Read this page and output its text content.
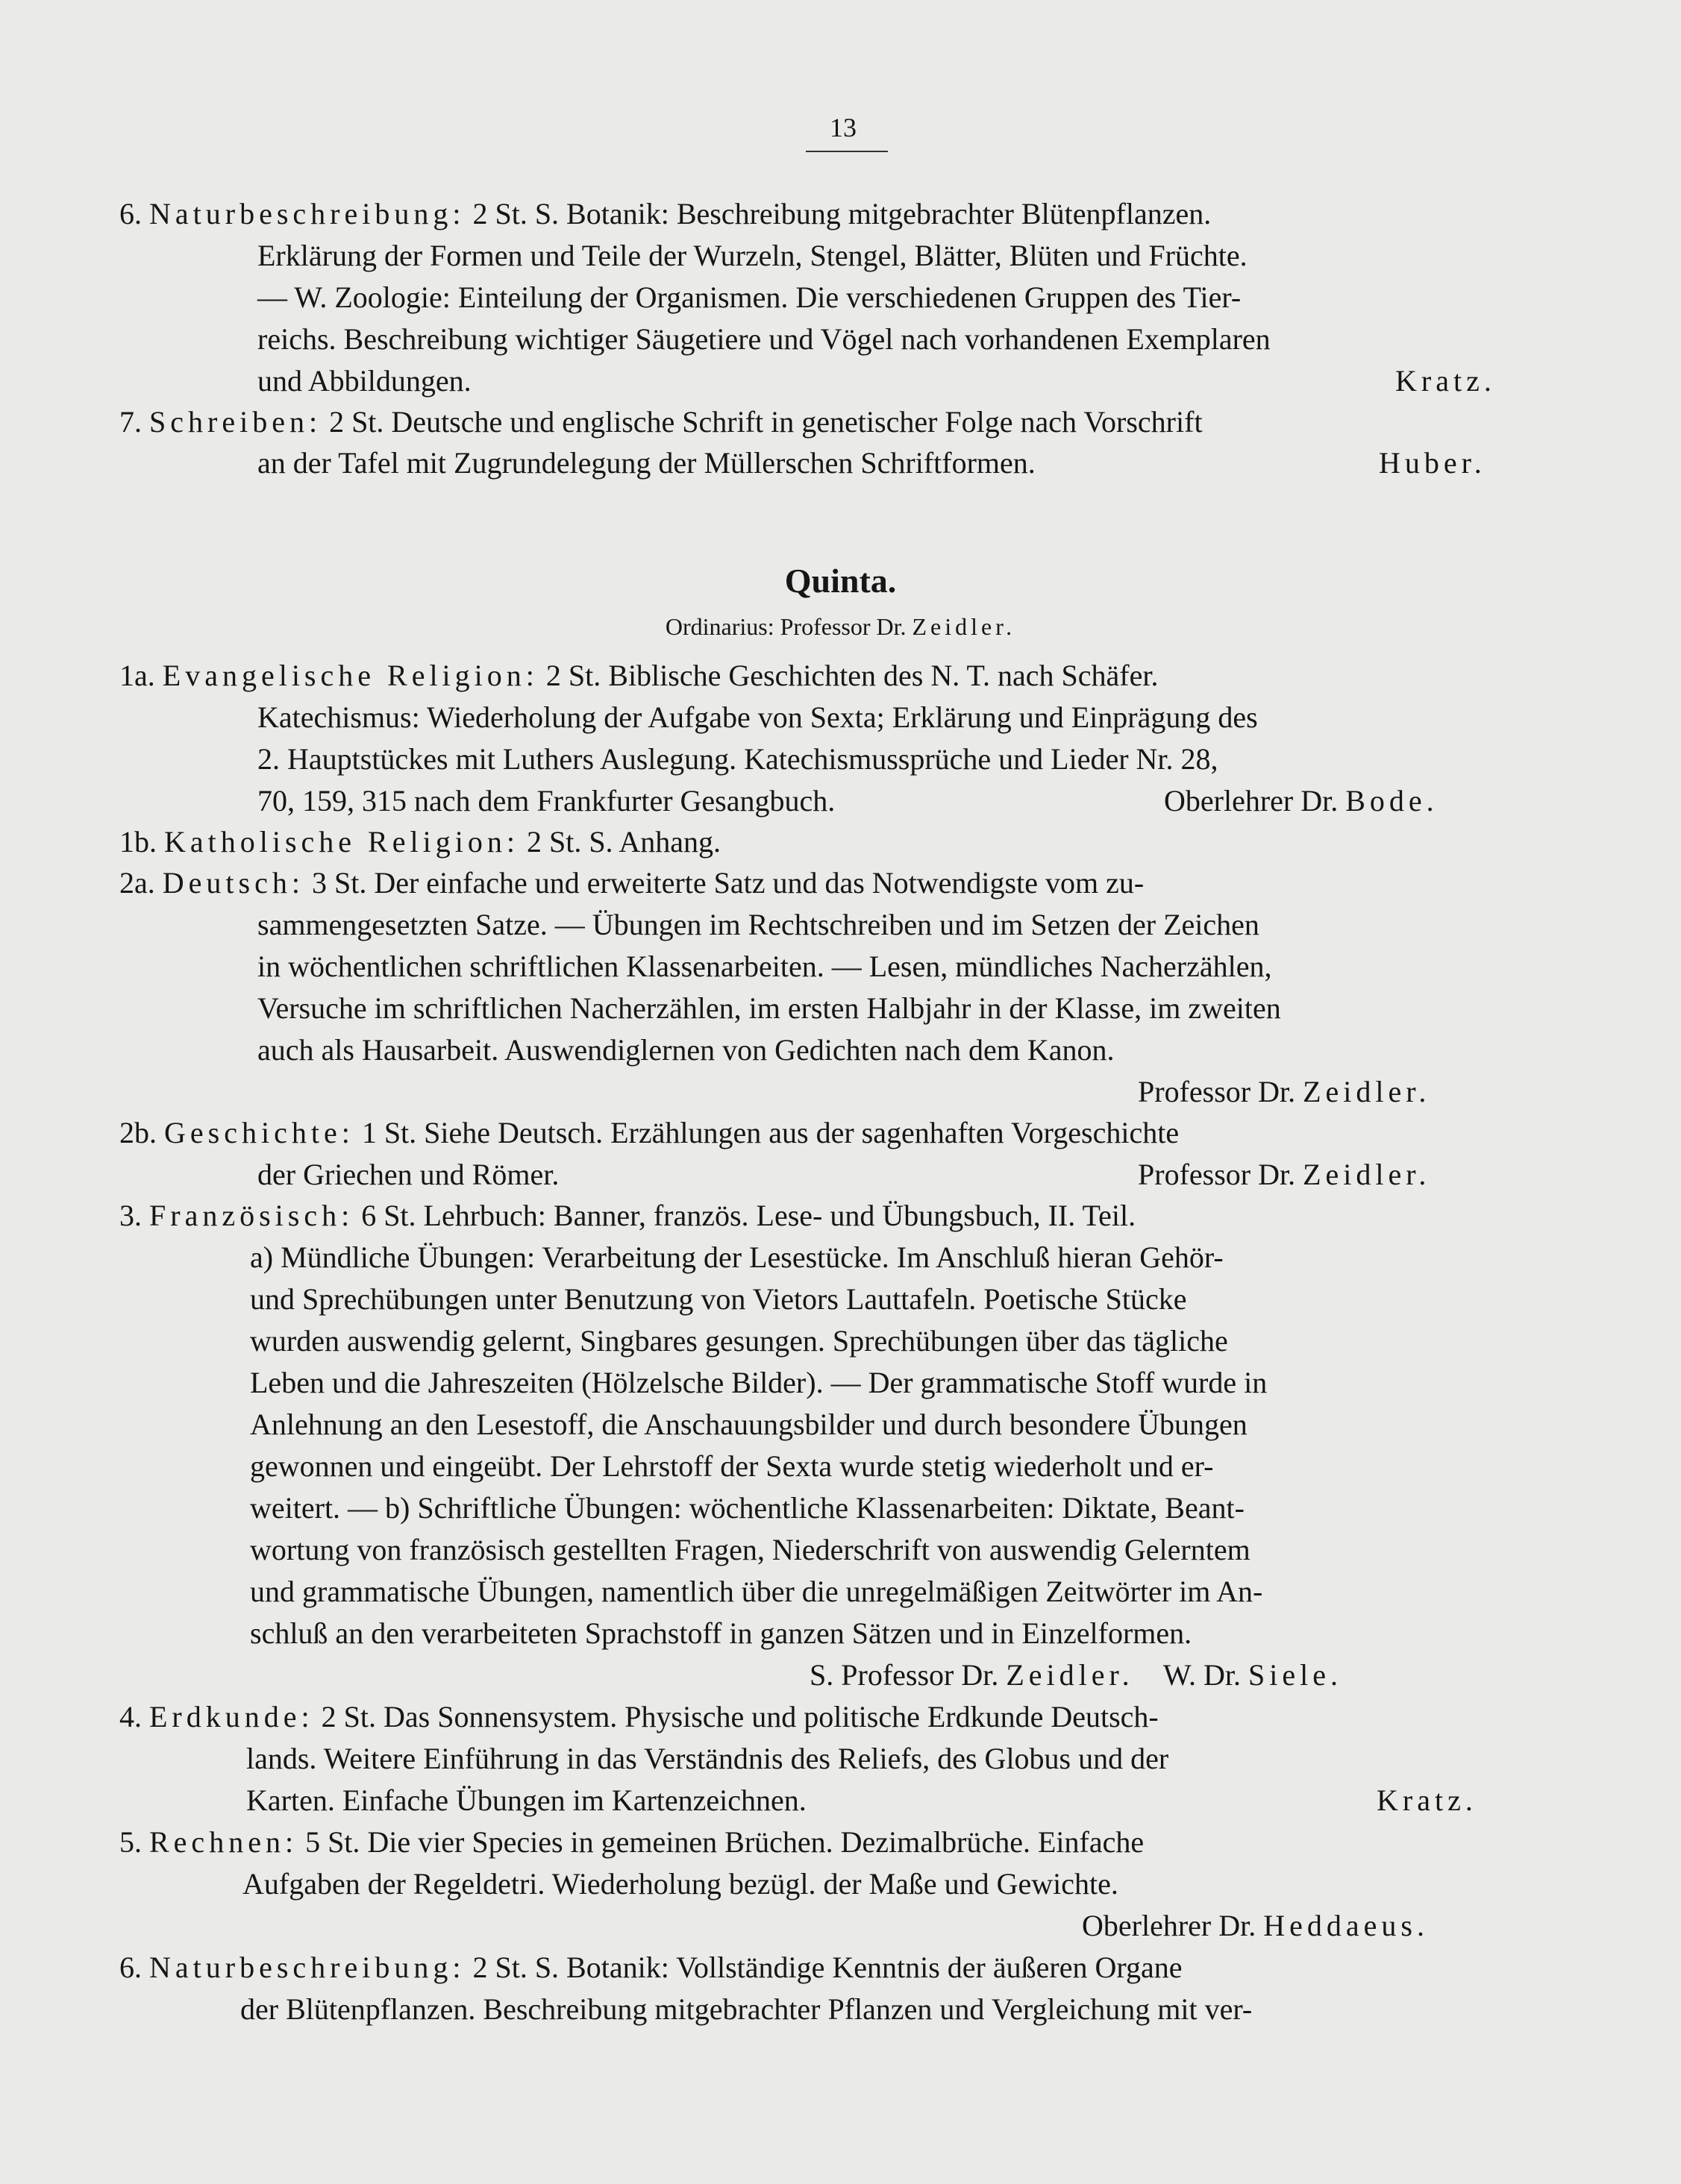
13
6. Naturbeschreibung: 2 St. S. Botanik: Beschreibung mitgebrachter Blütenpflanzen.
Erklärung der Formen und Teile der Wurzeln, Stengel, Blätter, Blüten und Früchte.
— W. Zoologie: Einteilung der Organismen. Die verschiedenen Gruppen des Tier-
reichs. Beschreibung wichtiger Säugetiere und Vögel nach vorhandenen Exemplaren
und Abbildungen.	Kratz.
7. Schreiben: 2 St. Deutsche und englische Schrift in genetischer Folge nach Vorschrift
an der Tafel mit Zugrundelegung der Müllerschen Schriftformen.	Huber.
Quinta.
Ordinarius: Professor Dr. Zeidler.
1a. Evangelische Religion: 2 St. Biblische Geschichten des N. T. nach Schäfer.
Katechismus: Wiederholung der Aufgabe von Sexta; Erklärung und Einprägung des
2. Hauptstückes mit Luthers Auslegung. Katechismussprüche und Lieder Nr. 28,
70, 159, 315 nach dem Frankfurter Gesangbuch.	Oberlehrer Dr. Bode.
1b. Katholische Religion: 2 St. S. Anhang.
2a. Deutsch: 3 St. Der einfache und erweiterte Satz und das Notwendigste vom zu-
sammengesetzten Satze. — Übungen im Rechtschreiben und im Setzen der Zeichen
in wöchentlichen schriftlichen Klassenarbeiten. — Lesen, mündliches Nacherzählen,
Versuche im schriftlichen Nacherzählen, im ersten Halbjahr in der Klasse, im zweiten
auch als Hausarbeit. Auswendiglernen von Gedichten nach dem Kanon.
Professor Dr. Zeidler.
2b. Geschichte: 1 St. Siehe Deutsch. Erzählungen aus der sagenhaften Vorgeschichte
der Griechen und Römer.	Professor Dr. Zeidler.
3. Französisch: 6 St. Lehrbuch: Banner, französ. Lese- und Übungsbuch, II. Teil.
a) Mündliche Übungen: Verarbeitung der Lesestücke. Im Anschluß hieran Gehör-
und Sprechübungen unter Benutzung von Vietors Lauttafeln. Poetische Stücke
wurden auswendig gelernt, Singbares gesungen. Sprechübungen über das tägliche
Leben und die Jahreszeiten (Hölzelsche Bilder). — Der grammatische Stoff wurde in
Anlehnung an den Lesestoff, die Anschauungsbilder und durch besondere Übungen
gewonnen und eingeübt. Der Lehrstoff der Sexta wurde stetig wiederholt und er-
weitert. — b) Schriftliche Übungen: wöchentliche Klassenarbeiten: Diktate, Beant-
wortung von französisch gestellten Fragen, Niederschrift von auswendig Gelerntem
und grammatische Übungen, namentlich über die unregelmäßigen Zeitwörter im An-
schluß an den verarbeiteten Sprachstoff in ganzen Sätzen und in Einzelformen.
S. Professor Dr. Zeidler. W. Dr. Siele.
4. Erdkunde: 2 St. Das Sonnensystem. Physische und politische Erdkunde Deutsch-
lands. Weitere Einführung in das Verständnis des Reliefs, des Globus und der
Karten. Einfache Übungen im Kartenzeichnen.	Kratz.
5. Rechnen: 5 St. Die vier Species in gemeinen Brüchen. Dezimalbrüche. Einfache
Aufgaben der Regeldetri. Wiederholung bezügl. der Maße und Gewichte.
Oberlehrer Dr. Heddaeus.
6. Naturbeschreibung: 2 St. S. Botanik: Vollständige Kenntnis der äußeren Organe
der Blütenpflanzen. Beschreibung mitgebrachter Pflanzen und Vergleichung mit ver-
